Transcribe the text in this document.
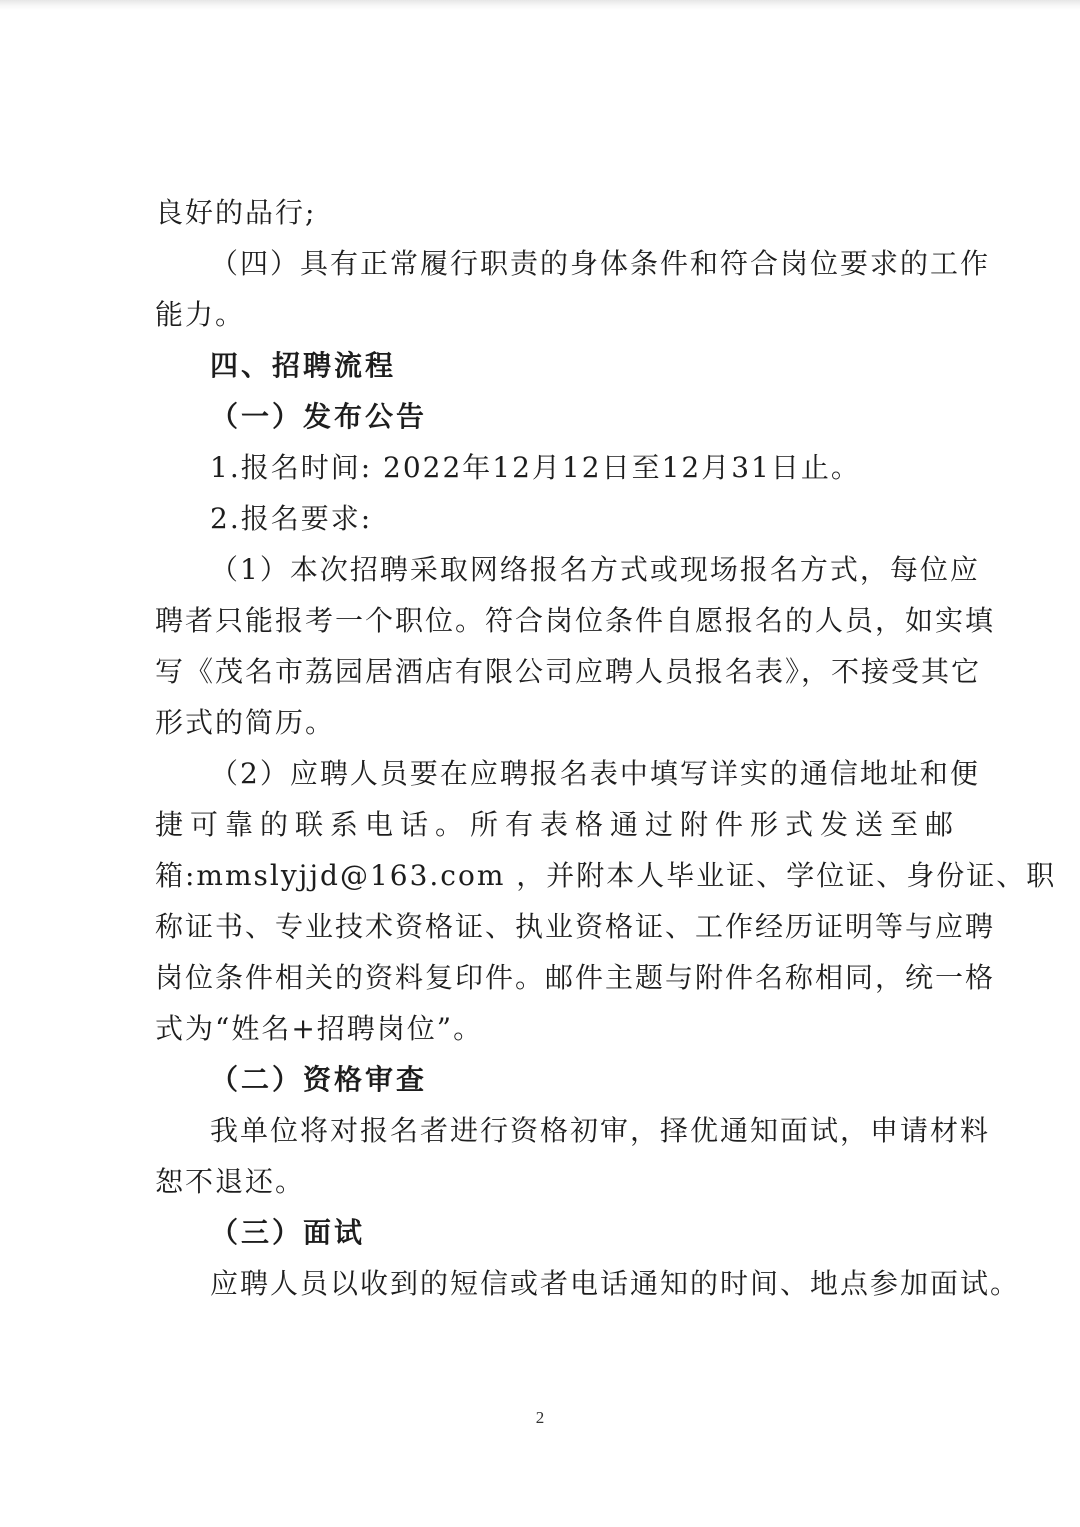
良好的品行;
（四）具有正常履行职责的身体条件和符合岗位要求的工作
能力。
四、招聘流程
（一）发布公告
1.报名时间: 2022年12月12日至12月31日止。
2.报名要求:
（1）本次招聘采取网络报名方式或现场报名方式，每位应
聘者只能报考一个职位。符合岗位条件自愿报名的人员，如实填
写《茂名市荔园居酒店有限公司应聘人员报名表》，不接受其它
形式的简历。
（2）应聘人员要在应聘报名表中填写详实的通信地址和便
捷可靠的联系电话。所有表格通过附件形式发送至邮
箱:mmslyjjd@163.com ，并附本人毕业证、学位证、身份证、职
称证书、专业技术资格证、执业资格证、工作经历证明等与应聘
岗位条件相关的资料复印件。邮件主题与附件名称相同，统一格
式为“姓名+招聘岗位”。
（二）资格审查
我单位将对报名者进行资格初审，择优通知面试，申请材料
恕不退还。
（三）面试
应聘人员以收到的短信或者电话通知的时间、地点参加面试。
2
